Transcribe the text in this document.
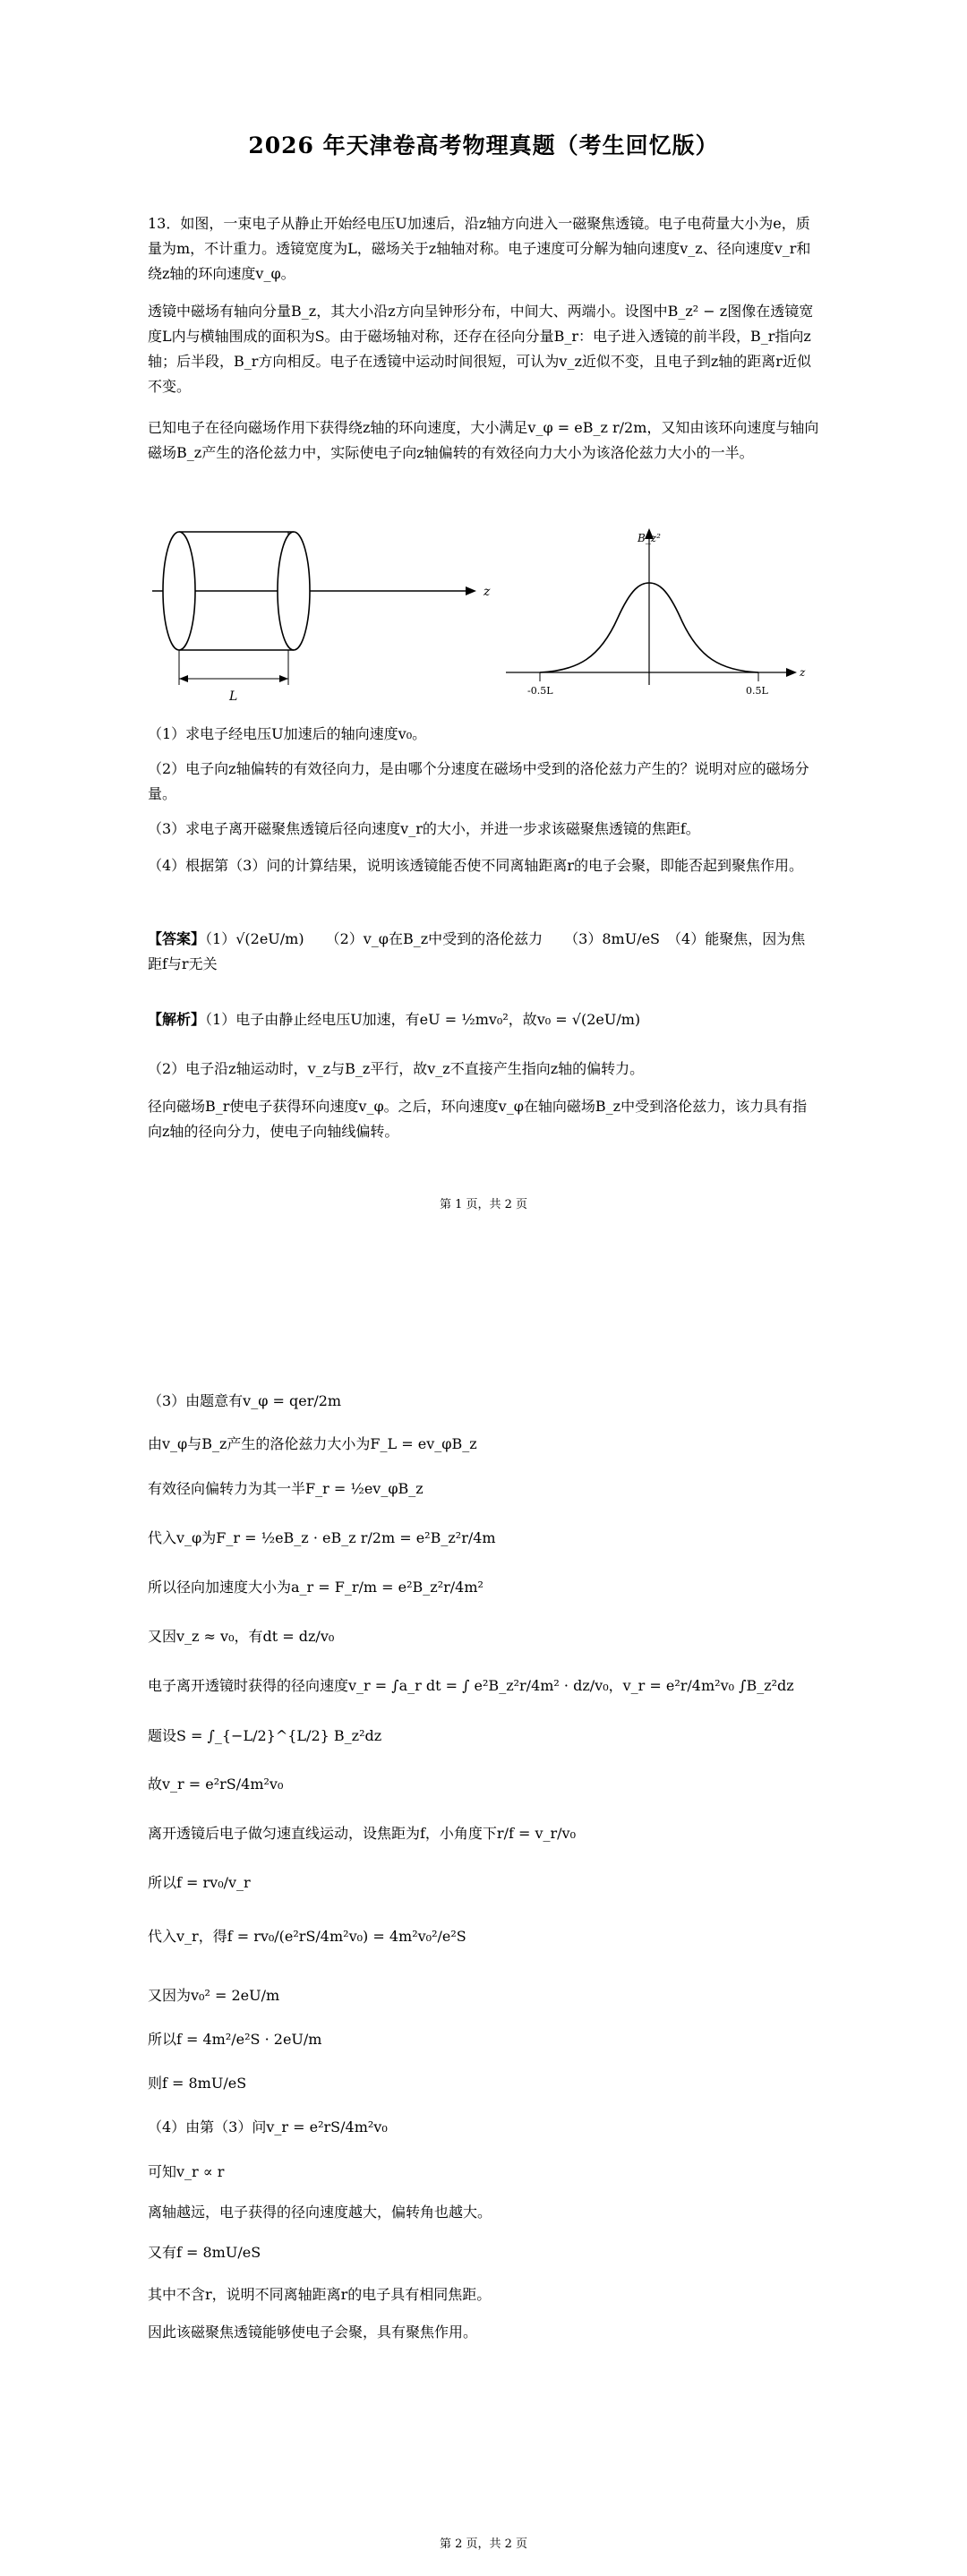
2026 年天津卷高考物理真题（考生回忆版）

13．如图，一束电子从静止开始经电压U加速后，沿z轴方向进入一磁聚焦透镜。电子电荷量大小为e，质量为m，不计重力。透镜宽度为L，磁场关于z轴轴对称。电子速度可分解为轴向速度v_z、径向速度v_r和绕z轴的环向速度v_φ。

透镜中磁场有轴向分量B_z，其大小沿z方向呈钟形分布，中间大、两端小。设图中B_z² − z图像在透镜宽度L内与横轴围成的面积为S。由于磁场轴对称，还存在径向分量B_r：电子进入透镜的前半段，B_r指向z轴；后半段，B_r方向相反。电子在透镜中运动时间很短，可认为v_z近似不变，且电子到z轴的距离r近似不变。

已知电子在径向磁场作用下获得绕z轴的环向速度，大小满足v_φ = eB_z r/2m，又知由该环向速度与轴向磁场B_z产生的洛伦兹力中，实际使电子向z轴偏转的有效径向力大小为该洛伦兹力大小的一半。

z
L
B_z²
z
-0.5L	0.5L

（1）求电子经电压U加速后的轴向速度v₀。

（2）电子向z轴偏转的有效径向力，是由哪个分速度在磁场中受到的洛伦兹力产生的？说明对应的磁场分量。

（3）求电子离开磁聚焦透镜后径向速度v_r的大小，并进一步求该磁聚焦透镜的焦距f。

（4）根据第（3）问的计算结果，说明该透镜能否使不同离轴距离r的电子会聚，即能否起到聚焦作用。

【答案】（1）√(2eU/m)　　（2）v_φ在B_z中受到的洛伦兹力　　（3）8mU/eS　（4）能聚焦，因为焦距f与r无关

【解析】（1）电子由静止经电压U加速，有eU = ½mv₀²，故v₀ = √(2eU/m)

（2）电子沿z轴运动时，v_z与B_z平行，故v_z不直接产生指向z轴的偏转力。

径向磁场B_r使电子获得环向速度v_φ。之后，环向速度v_φ在轴向磁场B_z中受到洛伦兹力，该力具有指向z轴的径向分力，使电子向轴线偏转。

第 1 页，共 2 页
（3）由题意有v_φ = qer/2m
由v_φ与B_z产生的洛伦兹力大小为F_L = ev_φB_z
有效径向偏转力为其一半F_r = ½ev_φB_z
代入v_φ为F_r = ½eB_z · eB_z r/2m = e²B_z²r/4m
所以径向加速度大小为a_r = F_r/m = e²B_z²r/4m²
又因v_z ≈ v₀，有dt = dz/v₀
电子离开透镜时获得的径向速度v_r = ∫a_r dt = ∫ e²B_z²r/4m² · dz/v₀，v_r = e²r/4m²v₀ ∫B_z²dz
题设S = ∫_{−L/2}^{L/2} B_z²dz
故v_r = e²rS/4m²v₀
离开透镜后电子做匀速直线运动，设焦距为f，小角度下r/f = v_r/v₀
所以f = rv₀/v_r
代入v_r，得f = rv₀/(e²rS/4m²v₀) = 4m²v₀²/e²S
又因为v₀² = 2eU/m
所以f = 4m²/e²S · 2eU/m
则f = 8mU/eS
（4）由第（3）问v_r = e²rS/4m²v₀
可知v_r ∝ r
离轴越远，电子获得的径向速度越大，偏转角也越大。
又有f = 8mU/eS
其中不含r，说明不同离轴距离r的电子具有相同焦距。
因此该磁聚焦透镜能够使电子会聚，具有聚焦作用。
第 2 页，共 2 页
